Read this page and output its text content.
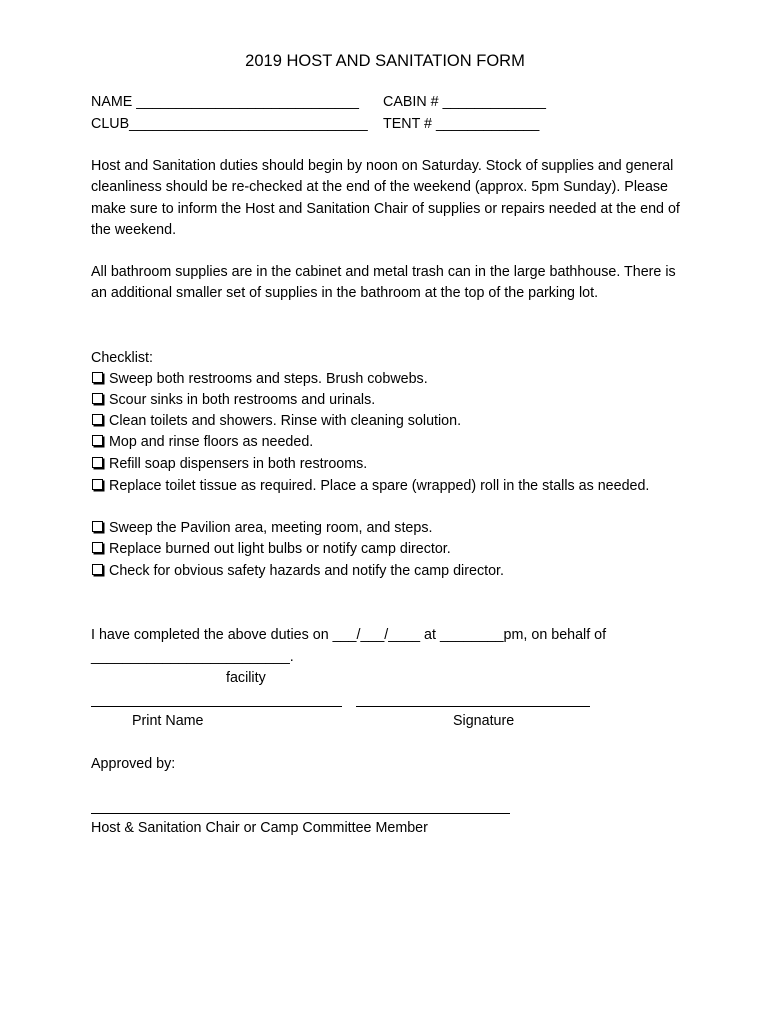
2019 HOST AND SANITATION FORM
NAME ____________________________ CABIN # _____________
CLUB______________________________ TENT # _____________
Host and Sanitation duties should begin by noon on Saturday. Stock of supplies and general cleanliness should be re-checked at the end of the weekend (approx. 5pm Sunday). Please make sure to inform the Host and Sanitation Chair of supplies or repairs needed at the end of the weekend.
All bathroom supplies are in the cabinet and metal trash can in the large bathhouse. There is an additional smaller set of supplies in the bathroom at the top of the parking lot.
Checklist:
Sweep both restrooms and steps. Brush cobwebs.
Scour sinks in both restrooms and urinals.
Clean toilets and showers. Rinse with cleaning solution.
Mop and rinse floors as needed.
Refill soap dispensers in both restrooms.
Replace toilet tissue as required. Place a spare (wrapped) roll in the stalls as needed.
Sweep the Pavilion area, meeting room, and steps.
Replace burned out light bulbs or notify camp director.
Check for obvious safety hazards and notify the camp director.
I have completed the above duties on ___/___/____ at ________pm, on behalf of
_________________________.
facility
Print Name	Signature
Approved by:
Host & Sanitation Chair or Camp Committee Member
